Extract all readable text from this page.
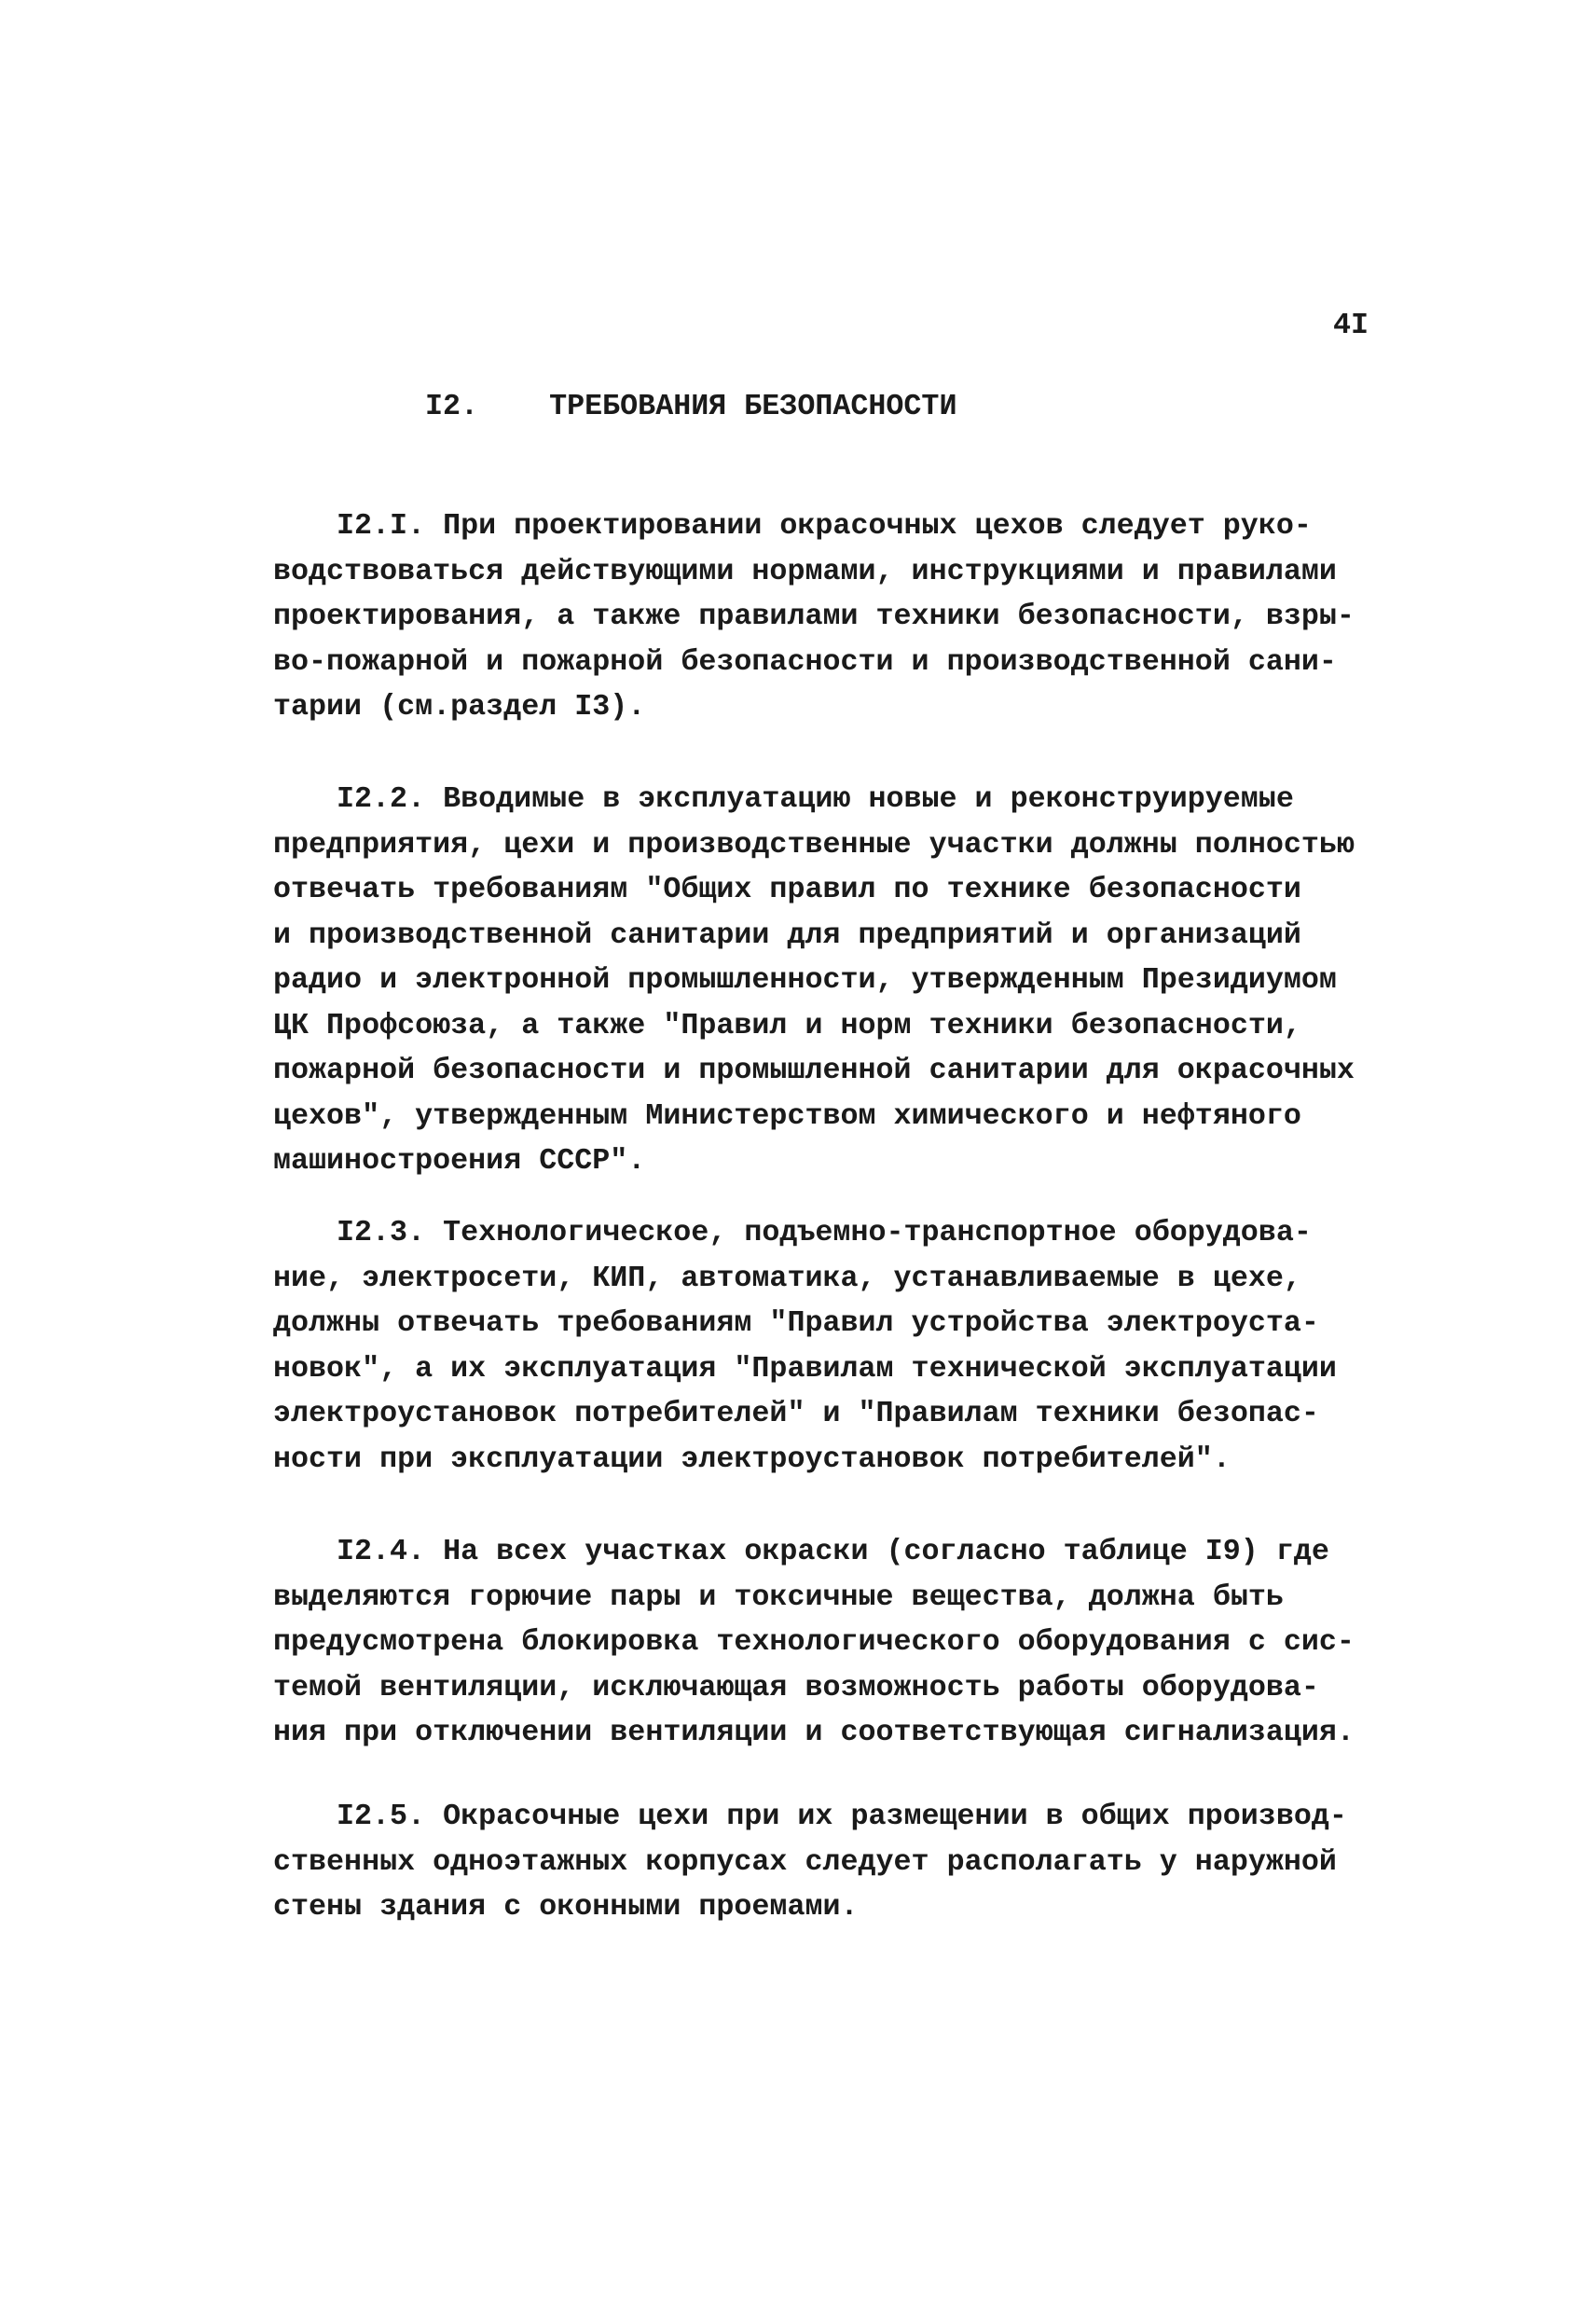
4I
I2. ТРЕБОВАНИЯ БЕЗОПАСНОСТИ
I2.I. При проектировании окрасочных цехов следует руко-
водствоваться действующими нормами, инструкциями и правилами
проектирования, а также правилами техники безопасности, взры-
во-пожарной и пожарной безопасности и производственной сани-
тарии (см.раздел I3).
I2.2. Вводимые в эксплуатацию новые и реконструируемые
предприятия, цехи и производственные участки должны полностью
отвечать требованиям "Общих правил по технике безопасности
и производственной санитарии для предприятий и организаций
радио и электронной промышленности, утвержденным Президиумом
ЦК Профсоюза, а также "Правил и норм техники безопасности,
пожарной безопасности и промышленной санитарии для окрасочных
цехов", утвержденным Министерством химического и нефтяного
машиностроения СССР".
I2.3. Технологическое, подъемно-транспортное оборудова-
ние, электросети, КИП, автоматика, устанавливаемые в цехе,
должны отвечать требованиям "Правил устройства электроуста-
новок", а их эксплуатация "Правилам технической эксплуатации
электроустановок потребителей" и "Правилам техники безопас-
ности при эксплуатации электроустановок потребителей".
I2.4. На всех участках окраски (согласно таблице I9) где
выделяются горючие пары и токсичные вещества, должна быть
предусмотрена блокировка технологического оборудования с сис-
темой вентиляции, исключающая возможность работы оборудова-
ния при отключении вентиляции и соответствующая сигнализация.
I2.5. Окрасочные цехи при их размещении в общих производ-
ственных одноэтажных корпусах следует располагать у наружной
стены здания с оконными проемами.
